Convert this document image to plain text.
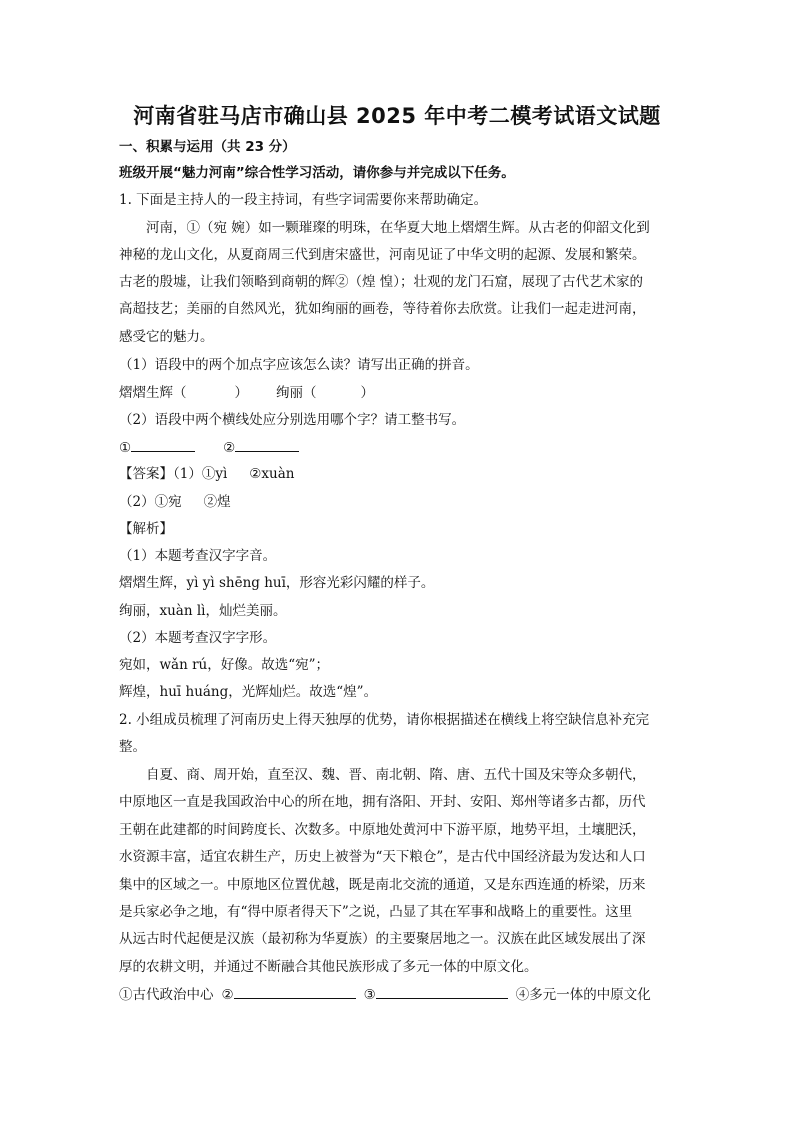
河南省驻马店市确山县 2025 年中考二模考试语文试题
一、积累与运用（共 23 分）
班级开展“魅力河南”综合性学习活动，请你参与并完成以下任务。
1. 下面是主持人的一段主持词，有些字词需要你来帮助确定。
河南，①（宛 婉）如一颗璀璨的明珠，在华夏大地上熠熠生辉。从古老的仰韶文化到
神秘的龙山文化，从夏商周三代到唐宋盛世，河南见证了中华文明的起源、发展和繁荣。
古老的殷墟，让我们领略到商朝的辉②（煌 惶）；壮观的龙门石窟，展现了古代艺术家的
高超技艺；美丽的自然风光，犹如绚丽的画卷，等待着你去欣赏。让我们一起走进河南，
感受它的魅力。
（1）语段中的两个加点字应该怎么读？请写出正确的拼音。
熠熠生辉（	） 绚丽（	）
（2）语段中两个横线处应分别选用哪个字？请工整书写。
①	②
【答案】（1）①yì ②xuàn
（2）①宛 ②煌
【解析】
（1）本题考查汉字字音。
熠熠生辉，yì yì shēng huī，形容光彩闪耀的样子。
绚丽，xuàn lì，灿烂美丽。
（2）本题考查汉字字形。
宛如，wǎn rú，好像。故选“宛”；
辉煌，huī huáng，光辉灿烂。故选“煌”。
2. 小组成员梳理了河南历史上得天独厚的优势，请你根据描述在横线上将空缺信息补充完
整。
自夏、商、周开始，直至汉、魏、晋、南北朝、隋、唐、五代十国及宋等众多朝代，
中原地区一直是我国政治中心的所在地，拥有洛阳、开封、安阳、郑州等诸多古都，历代
王朝在此建都的时间跨度长、次数多。中原地处黄河中下游平原，地势平坦，土壤肥沃，
水资源丰富，适宜农耕生产，历史上被誉为“天下粮仓”，是古代中国经济最为发达和人口
集中的区域之一。中原地区位置优越，既是南北交流的通道，又是东西连通的桥梁，历来
是兵家必争之地，有“得中原者得天下”之说，凸显了其在军事和战略上的重要性。这里
从远古时代起便是汉族（最初称为华夏族）的主要聚居地之一。汉族在此区域发展出了深
厚的农耕文明，并通过不断融合其他民族形成了多元一体的中原文化。
①古代政治中心 ②	③	④多元一体的中原文化
